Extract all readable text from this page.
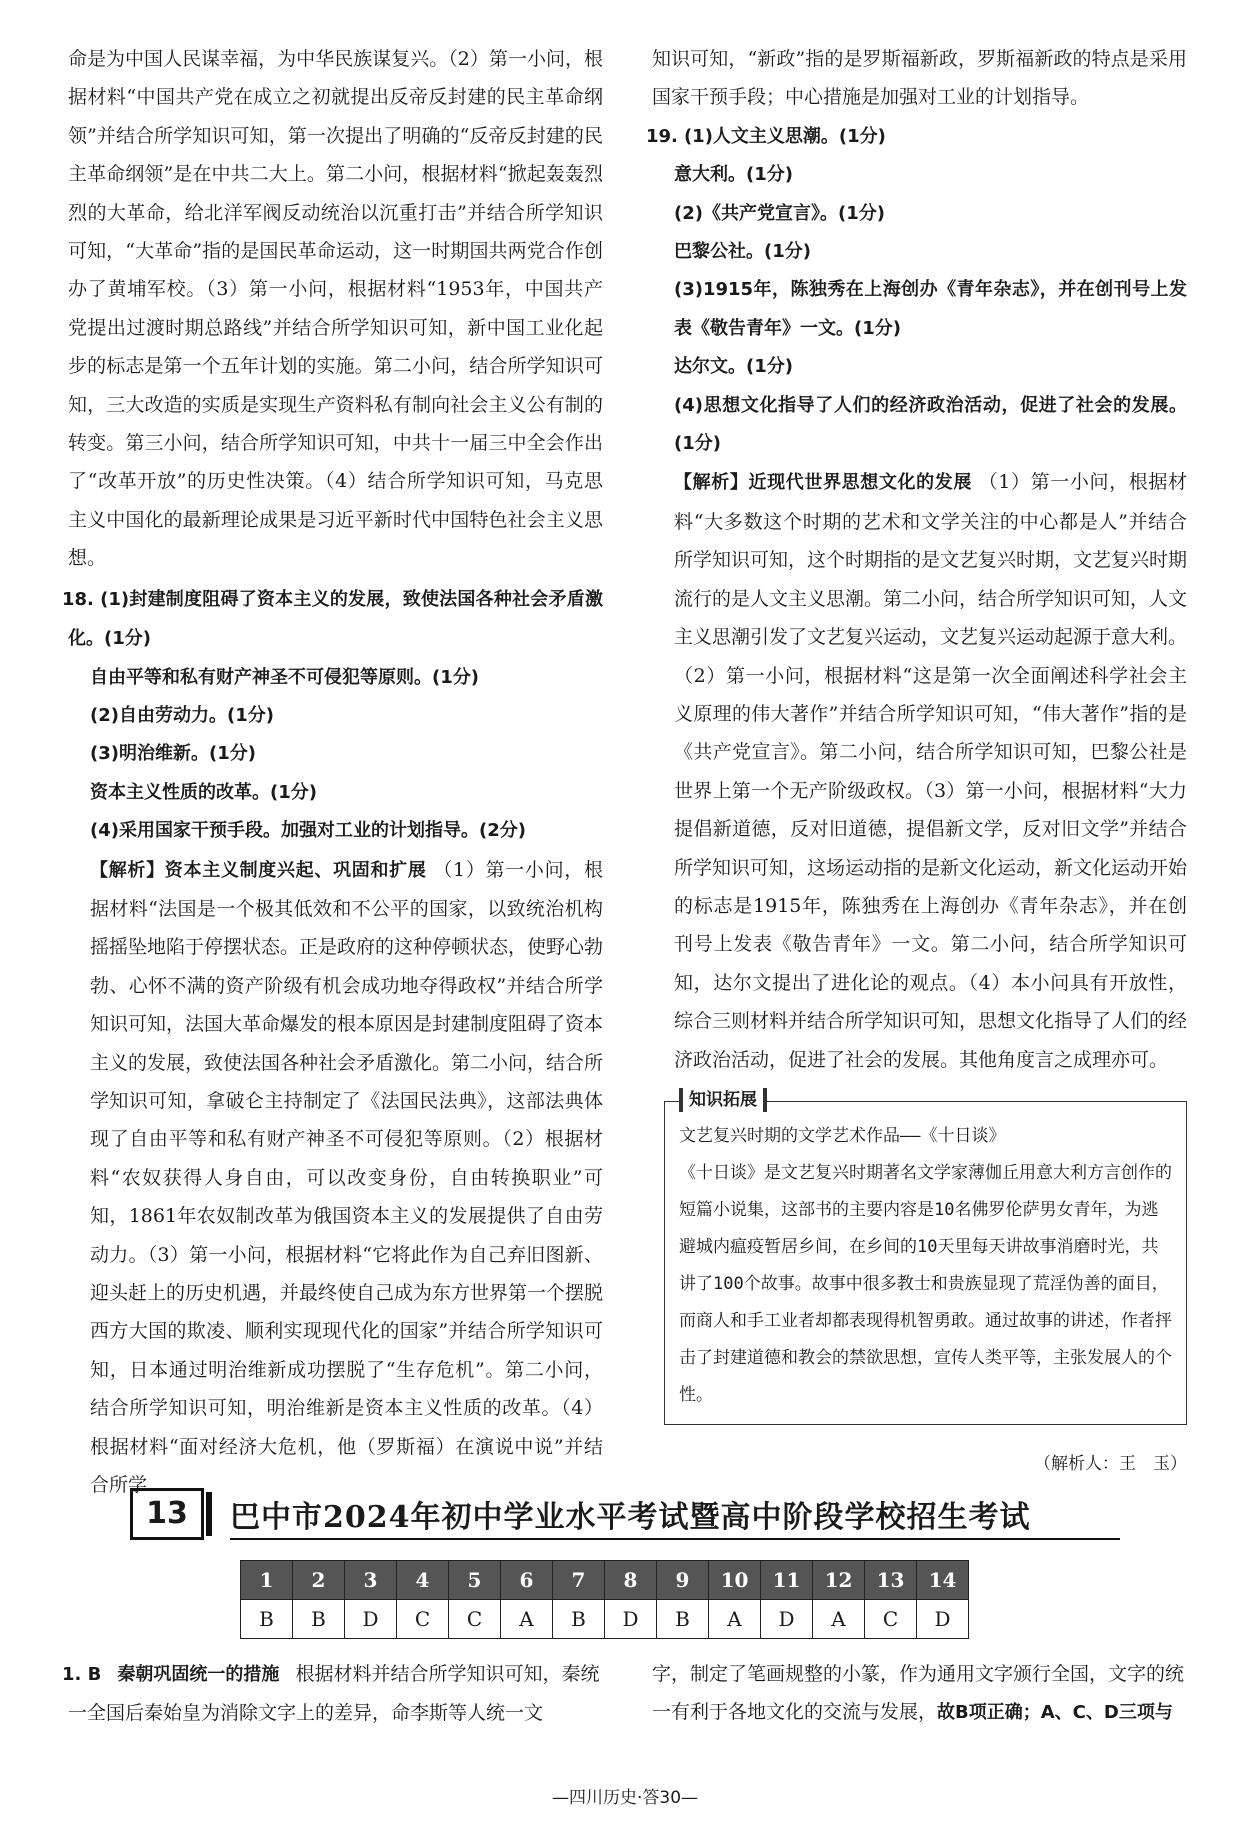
命是为中国人民谋幸福，为中华民族谋复兴。（2）第一小问，根据材料“中国共产党在成立之初就提出反帝反封建的民主革命纲领”并结合所学知识可知，第一次提出了明确的“反帝反封建的民主革命纲领”是在中共二大上。第二小问，根据材料“掀起轰轰烈烈的大革命，给北洋军阀反动统治以沉重打击”并结合所学知识可知，“大革命”指的是国民革命运动，这一时期国共两党合作创办了黄埔军校。（3）第一小问，根据材料“1953年，中国共产党提出过渡时期总路线”并结合所学知识可知，新中国工业化起步的标志是第一个五年计划的实施。第二小问，结合所学知识可知，三大改造的实质是实现生产资料私有制向社会主义公有制的转变。第三小问，结合所学知识可知，中共十一届三中全会作出了“改革开放”的历史性决策。（4）结合所学知识可知，马克思主义中国化的最新理论成果是习近平新时代中国特色社会主义思想。

18. (1)封建制度阻碍了资本主义的发展，致使法国各种社会矛盾激化。(1分)

自由平等和私有财产神圣不可侵犯等原则。(1分)

(2)自由劳动力。(1分)

(3)明治维新。(1分)

资本主义性质的改革。(1分)

(4)采用国家干预手段。加强对工业的计划指导。(2分)

【解析】资本主义制度兴起、巩固和扩展 （1）第一小问，根据材料“法国是一个极其低效和不公平的国家，以致统治机构摇摇坠地陷于停摆状态。正是政府的这种停顿状态，使野心勃勃、心怀不满的资产阶级有机会成功地夺得政权”并结合所学知识可知，法国大革命爆发的根本原因是封建制度阻碍了资本主义的发展，致使法国各种社会矛盾激化。第二小问，结合所学知识可知，拿破仑主持制定了《法国民法典》，这部法典体现了自由平等和私有财产神圣不可侵犯等原则。（2）根据材料“农奴获得人身自由，可以改变身份，自由转换职业”可知，1861年农奴制改革为俄国资本主义的发展提供了自由劳动力。（3）第一小问，根据材料“它将此作为自己弃旧图新、迎头赶上的历史机遇，并最终使自己成为东方世界第一个摆脱西方大国的欺凌、顺利实现现代化的国家”并结合所学知识可知，日本通过明治维新成功摆脱了“生存危机”。第二小问，结合所学知识可知，明治维新是资本主义性质的改革。（4）根据材料“面对经济大危机，他（罗斯福）在演说中说”并结合所学

知识可知，“新政”指的是罗斯福新政，罗斯福新政的特点是采用国家干预手段；中心措施是加强对工业的计划指导。

19. (1)人文主义思潮。(1分)

意大利。(1分)

(2)《共产党宣言》。(1分)

巴黎公社。(1分)

(3)1915年，陈独秀在上海创办《青年杂志》，并在创刊号上发表《敬告青年》一文。(1分)

达尔文。(1分)

(4)思想文化指导了人们的经济政治活动，促进了社会的发展。(1分)

【解析】近现代世界思想文化的发展 （1）第一小问，根据材料“大多数这个时期的艺术和文学关注的中心都是人”并结合所学知识可知，这个时期指的是文艺复兴时期，文艺复兴时期流行的是人文主义思潮。第二小问，结合所学知识可知，人文主义思潮引发了文艺复兴运动，文艺复兴运动起源于意大利。（2）第一小问，根据材料“这是第一次全面阐述科学社会主义原理的伟大著作”并结合所学知识可知，“伟大著作”指的是《共产党宣言》。第二小问，结合所学知识可知，巴黎公社是世界上第一个无产阶级政权。（3）第一小问，根据材料“大力提倡新道德，反对旧道德，提倡新文学，反对旧文学”并结合所学知识可知，这场运动指的是新文化运动，新文化运动开始的标志是1915年，陈独秀在上海创办《青年杂志》，并在创刊号上发表《敬告青年》一文。第二小问，结合所学知识可知，达尔文提出了进化论的观点。（4）本小问具有开放性，综合三则材料并结合所学知识可知，思想文化指导了人们的经济政治活动，促进了社会的发展。其他角度言之成理亦可。

知识拓展

文艺复兴时期的文学艺术作品——《十日谈》

《十日谈》是文艺复兴时期著名文学家薄伽丘用意大利方言创作的短篇小说集，这部书的主要内容是10名佛罗伦萨男女青年，为逃避城内瘟疫暂居乡间，在乡间的10天里每天讲故事消磨时光，共讲了100个故事。故事中很多教士和贵族显现了荒淫伪善的面目，而商人和手工业者却都表现得机智勇敢。通过故事的讲述，作者抨击了封建道德和教会的禁欲思想，宣传人类平等，主张发展人的个性。

（解析人：王　玉）
13	巴中市2024年初中学业水平考试暨高中阶段学校招生考试
1	2	3	4	5	6	7	8	9	10	11	12	13	14
B	B	D	C	C	A	B	D	B	A	D	A	C	D
1. B 秦朝巩固统一的措施 根据材料并结合所学知识可知，秦统一全国后秦始皇为消除文字上的差异，命李斯等人统一文
字，制定了笔画规整的小篆，作为通用文字颁行全国，文字的统一有利于各地文化的交流与发展，故B项正确；A、C、D三项与
—四川历史·答30—
